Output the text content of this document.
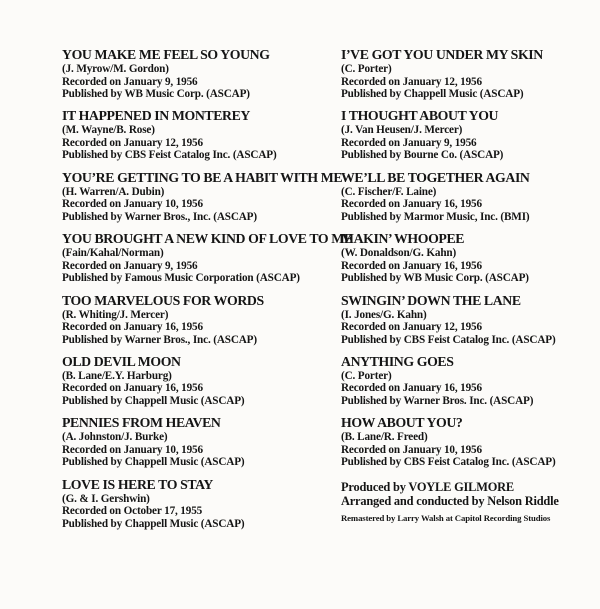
YOU MAKE ME FEEL SO YOUNG
(J. Myrow/M. Gordon)
Recorded on January 9, 1956
Published by WB Music Corp. (ASCAP)
IT HAPPENED IN MONTEREY
(M. Wayne/B. Rose)
Recorded on January 12, 1956
Published by CBS Feist Catalog Inc. (ASCAP)
YOU’RE GETTING TO BE A HABIT WITH ME
(H. Warren/A. Dubin)
Recorded on January 10, 1956
Published by Warner Bros., Inc. (ASCAP)
YOU BROUGHT A NEW KIND OF LOVE TO ME
(Fain/Kahal/Norman)
Recorded on January 9, 1956
Published by Famous Music Corporation (ASCAP)
TOO MARVELOUS FOR WORDS
(R. Whiting/J. Mercer)
Recorded on January 16, 1956
Published by Warner Bros., Inc. (ASCAP)
OLD DEVIL MOON
(B. Lane/E.Y. Harburg)
Recorded on January 16, 1956
Published by Chappell Music (ASCAP)
PENNIES FROM HEAVEN
(A. Johnston/J. Burke)
Recorded on January 10, 1956
Published by Chappell Music (ASCAP)
LOVE IS HERE TO STAY
(G. & I. Gershwin)
Recorded on October 17, 1955
Published by Chappell Music (ASCAP)
I’VE GOT YOU UNDER MY SKIN
(C. Porter)
Recorded on January 12, 1956
Published by Chappell Music (ASCAP)
I THOUGHT ABOUT YOU
(J. Van Heusen/J. Mercer)
Recorded on January 9, 1956
Published by Bourne Co. (ASCAP)
WE’LL BE TOGETHER AGAIN
(C. Fischer/F. Laine)
Recorded on January 16, 1956
Published by Marmor Music, Inc. (BMI)
MAKIN’ WHOOPEE
(W. Donaldson/G. Kahn)
Recorded on January 16, 1956
Published by WB Music Corp. (ASCAP)
SWINGIN’ DOWN THE LANE
(I. Jones/G. Kahn)
Recorded on January 12, 1956
Published by CBS Feist Catalog Inc. (ASCAP)
ANYTHING GOES
(C. Porter)
Recorded on January 16, 1956
Published by Warner Bros. Inc. (ASCAP)
HOW ABOUT YOU?
(B. Lane/R. Freed)
Recorded on January 10, 1956
Published by CBS Feist Catalog Inc. (ASCAP)
Produced by VOYLE GILMORE
Arranged and conducted by Nelson Riddle
Remastered by Larry Walsh at Capitol Recording Studios
